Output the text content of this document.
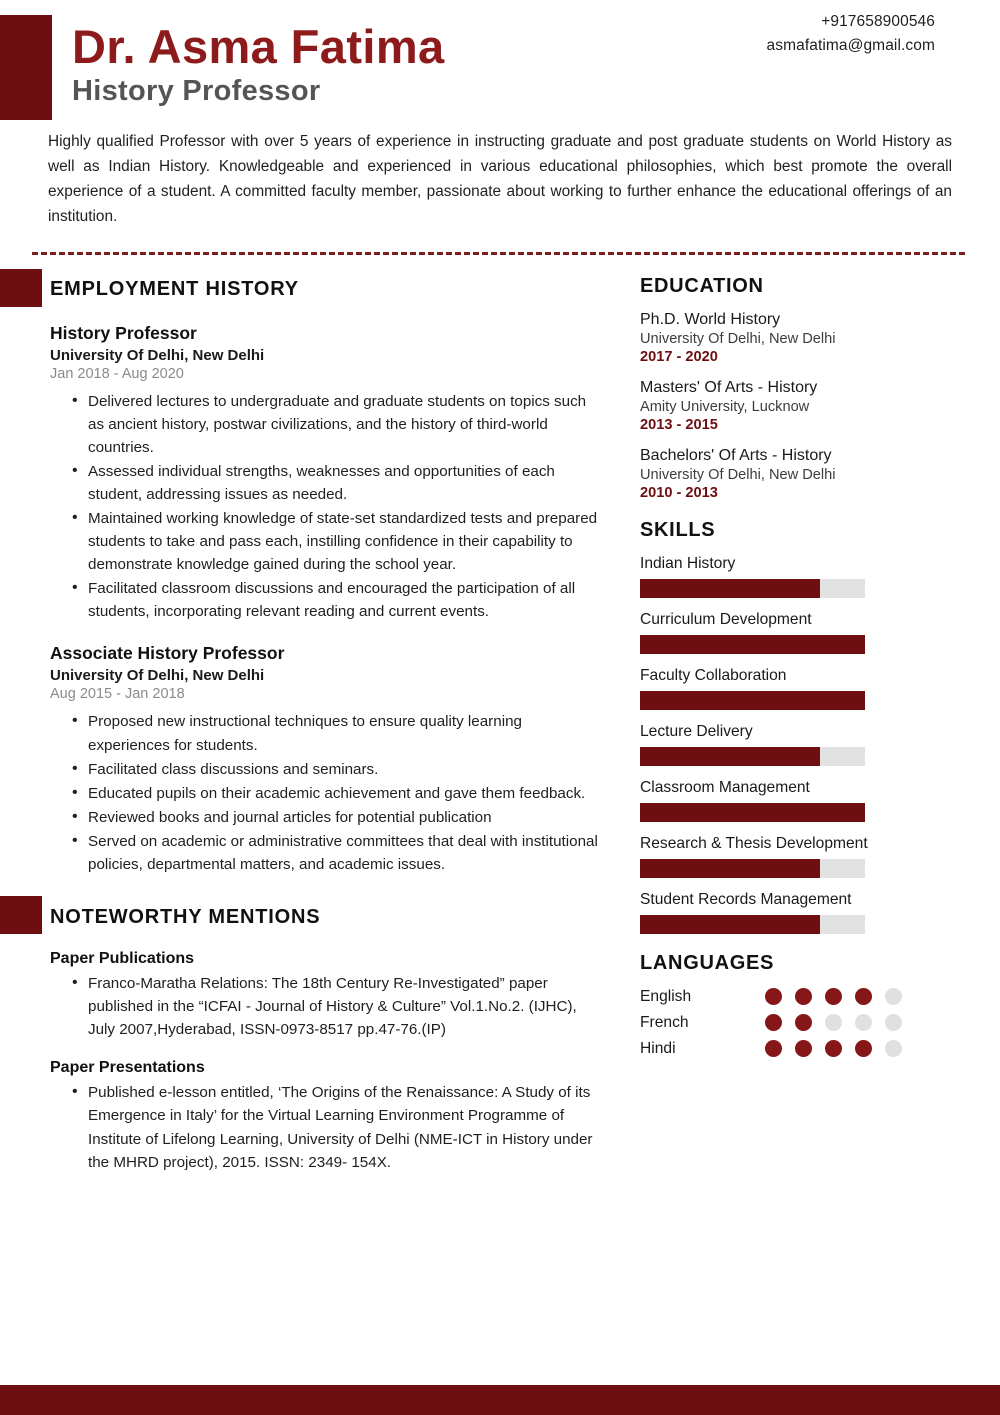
+917658900546
asmafatima@gmail.com
Dr. Asma Fatima
History Professor
Highly qualified Professor with over 5 years of experience in instructing graduate and post graduate students on World History as well as Indian History. Knowledgeable and experienced in various educational philosophies, which best promote the overall experience of a student. A committed faculty member, passionate about working to further enhance the educational offerings of an institution.
EMPLOYMENT HISTORY
History Professor
University Of Delhi, New Delhi
Jan 2018 - Aug 2020
• Delivered lectures to undergraduate and graduate students on topics such as ancient history, postwar civilizations, and the history of third-world countries.
• Assessed individual strengths, weaknesses and opportunities of each student, addressing issues as needed.
• Maintained working knowledge of state-set standardized tests and prepared students to take and pass each, instilling confidence in their capability to demonstrate knowledge gained during the school year.
• Facilitated classroom discussions and encouraged the participation of all students, incorporating relevant reading and current events.
Associate History Professor
University Of Delhi, New Delhi
Aug 2015 - Jan 2018
• Proposed new instructional techniques to ensure quality learning experiences for students.
• Facilitated class discussions and seminars.
• Educated pupils on their academic achievement and gave them feedback.
• Reviewed books and journal articles for potential publication
• Served on academic or administrative committees that deal with institutional policies, departmental matters, and academic issues.
NOTEWORTHY MENTIONS
Paper Publications
• Franco-Maratha Relations: The 18th Century Re-Investigated” paper published in the “ICFAI - Journal of History & Culture” Vol.1.No.2. (IJHC), July 2007,Hyderabad, ISSN-0973-8517 pp.47-76.(IP)
Paper Presentations
• Published e-lesson entitled, ‘The Origins of the Renaissance: A Study of its Emergence in Italy’ for the Virtual Learning Environment Programme of Institute of Lifelong Learning, University of Delhi (NME-ICT in History under the MHRD project), 2015. ISSN: 2349- 154X.
EDUCATION
Ph.D. World History
University Of Delhi, New Delhi
2017 - 2020
Masters' Of Arts - History
Amity University, Lucknow
2013 - 2015
Bachelors' Of Arts - History
University Of Delhi, New Delhi
2010 - 2013
SKILLS
Indian History
Curriculum Development
Faculty Collaboration
Lecture Delivery
Classroom Management
Research & Thesis Development
Student Records Management
LANGUAGES
English
French
Hindi
